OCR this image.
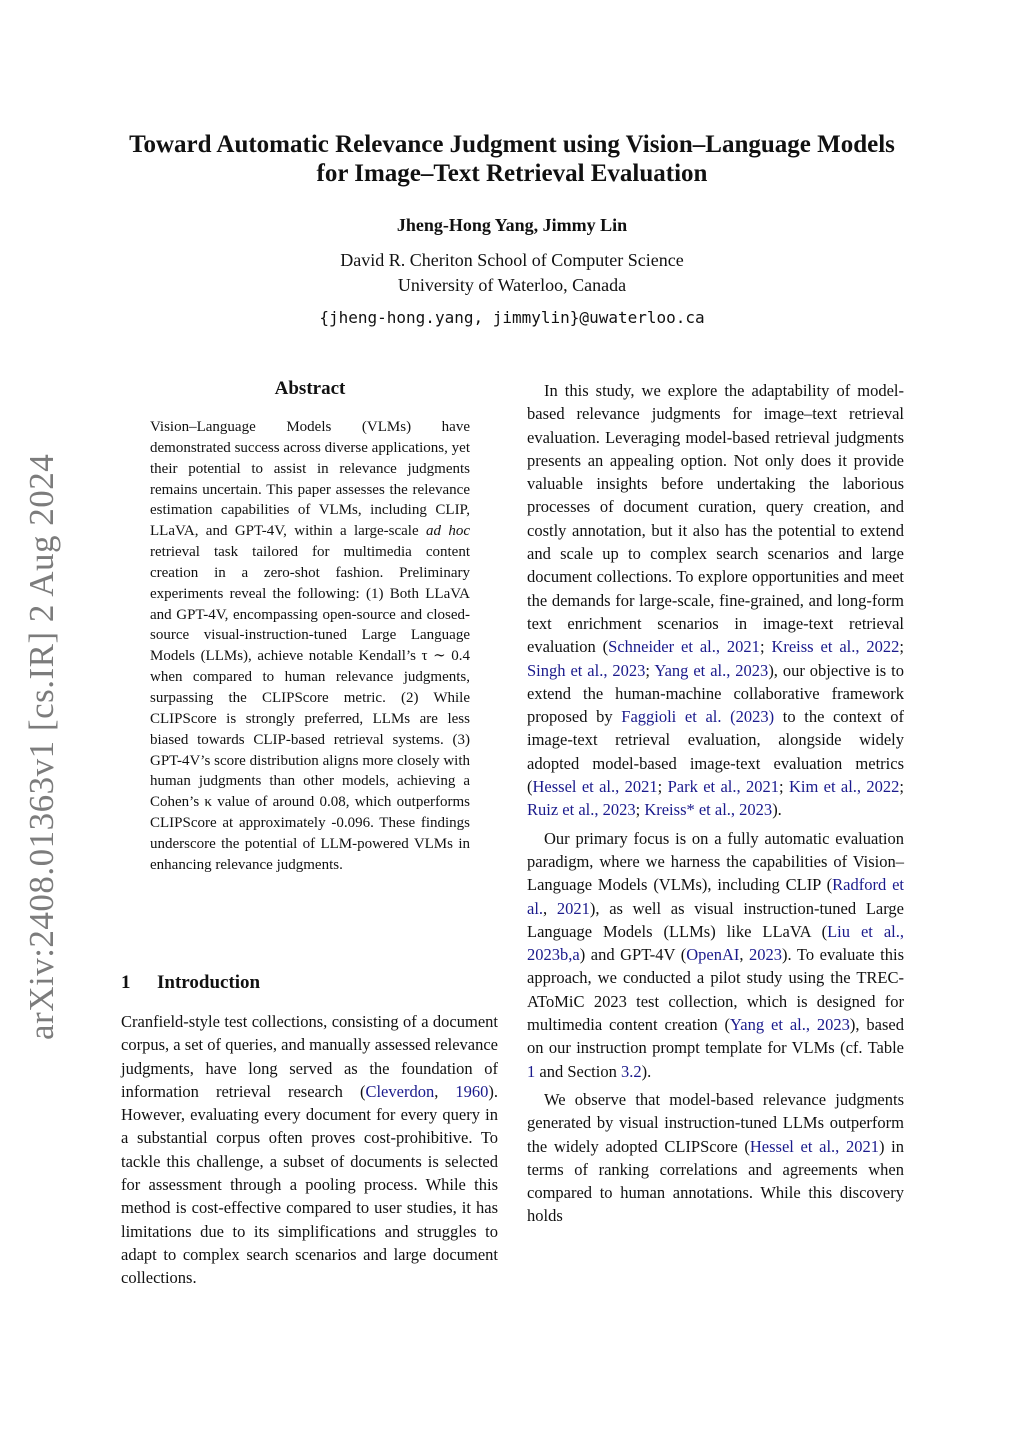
Toward Automatic Relevance Judgment using Vision–Language Models for Image–Text Retrieval Evaluation
Jheng-Hong Yang, Jimmy Lin
David R. Cheriton School of Computer Science
University of Waterloo, Canada
{jheng-hong.yang, jimmylin}@uwaterloo.ca
arXiv:2408.01363v1 [cs.IR] 2 Aug 2024
Abstract

Vision–Language Models (VLMs) have demonstrated success across diverse applications, yet their potential to assist in relevance judgments remains uncertain. This paper assesses the relevance estimation capabilities of VLMs, including CLIP, LLaVA, and GPT-4V, within a large-scale ad hoc retrieval task tailored for multimedia content creation in a zero-shot fashion. Preliminary experiments reveal the following: (1) Both LLaVA and GPT-4V, encompassing open-source and closed-source visual-instruction-tuned Large Language Models (LLMs), achieve notable Kendall’s τ ∼ 0.4 when compared to human relevance judgments, surpassing the CLIPScore metric. (2) While CLIPScore is strongly preferred, LLMs are less biased towards CLIP-based retrieval systems. (3) GPT-4V’s score distribution aligns more closely with human judgments than other models, achieving a Cohen’s κ value of around 0.08, which outperforms CLIPScore at approximately -0.096. These findings underscore the potential of LLM-powered VLMs in enhancing relevance judgments.

1 Introduction

Cranfield-style test collections, consisting of a document corpus, a set of queries, and manually assessed relevance judgments, have long served as the foundation of information retrieval research (Cleverdon, 1960). However, evaluating every document for every query in a substantial corpus often proves cost-prohibitive. To tackle this challenge, a subset of documents is selected for assessment through a pooling process. While this method is cost-effective compared to user studies, it has limitations due to its simplifications and struggles to adapt to complex search scenarios and large document collections.

In this study, we explore the adaptability of model-based relevance judgments for image–text retrieval evaluation. Leveraging model-based retrieval judgments presents an appealing option. Not only does it provide valuable insights before undertaking the laborious processes of document curation, query creation, and costly annotation, but it also has the potential to extend and scale up to complex search scenarios and large document collections. To explore opportunities and meet the demands for large-scale, fine-grained, and long-form text enrichment scenarios in image-text retrieval evaluation (Schneider et al., 2021; Kreiss et al., 2022; Singh et al., 2023; Yang et al., 2023), our objective is to extend the human-machine collaborative framework proposed by Faggioli et al. (2023) to the context of image-text retrieval evaluation, alongside widely adopted model-based image-text evaluation metrics (Hessel et al., 2021; Park et al., 2021; Kim et al., 2022; Ruiz et al., 2023; Kreiss* et al., 2023).

Our primary focus is on a fully automatic evaluation paradigm, where we harness the capabilities of Vision–Language Models (VLMs), including CLIP (Radford et al., 2021), as well as visual instruction-tuned Large Language Models (LLMs) like LLaVA (Liu et al., 2023b,a) and GPT-4V (OpenAI, 2023). To evaluate this approach, we conducted a pilot study using the TREC-AToMiC 2023 test collection, which is designed for multimedia content creation (Yang et al., 2023), based on our instruction prompt template for VLMs (cf. Table 1 and Section 3.2).

We observe that model-based relevance judgments generated by visual instruction-tuned LLMs outperform the widely adopted CLIPScore (Hessel et al., 2021) in terms of ranking correlations and agreements when compared to human annotations. While this discovery holds
